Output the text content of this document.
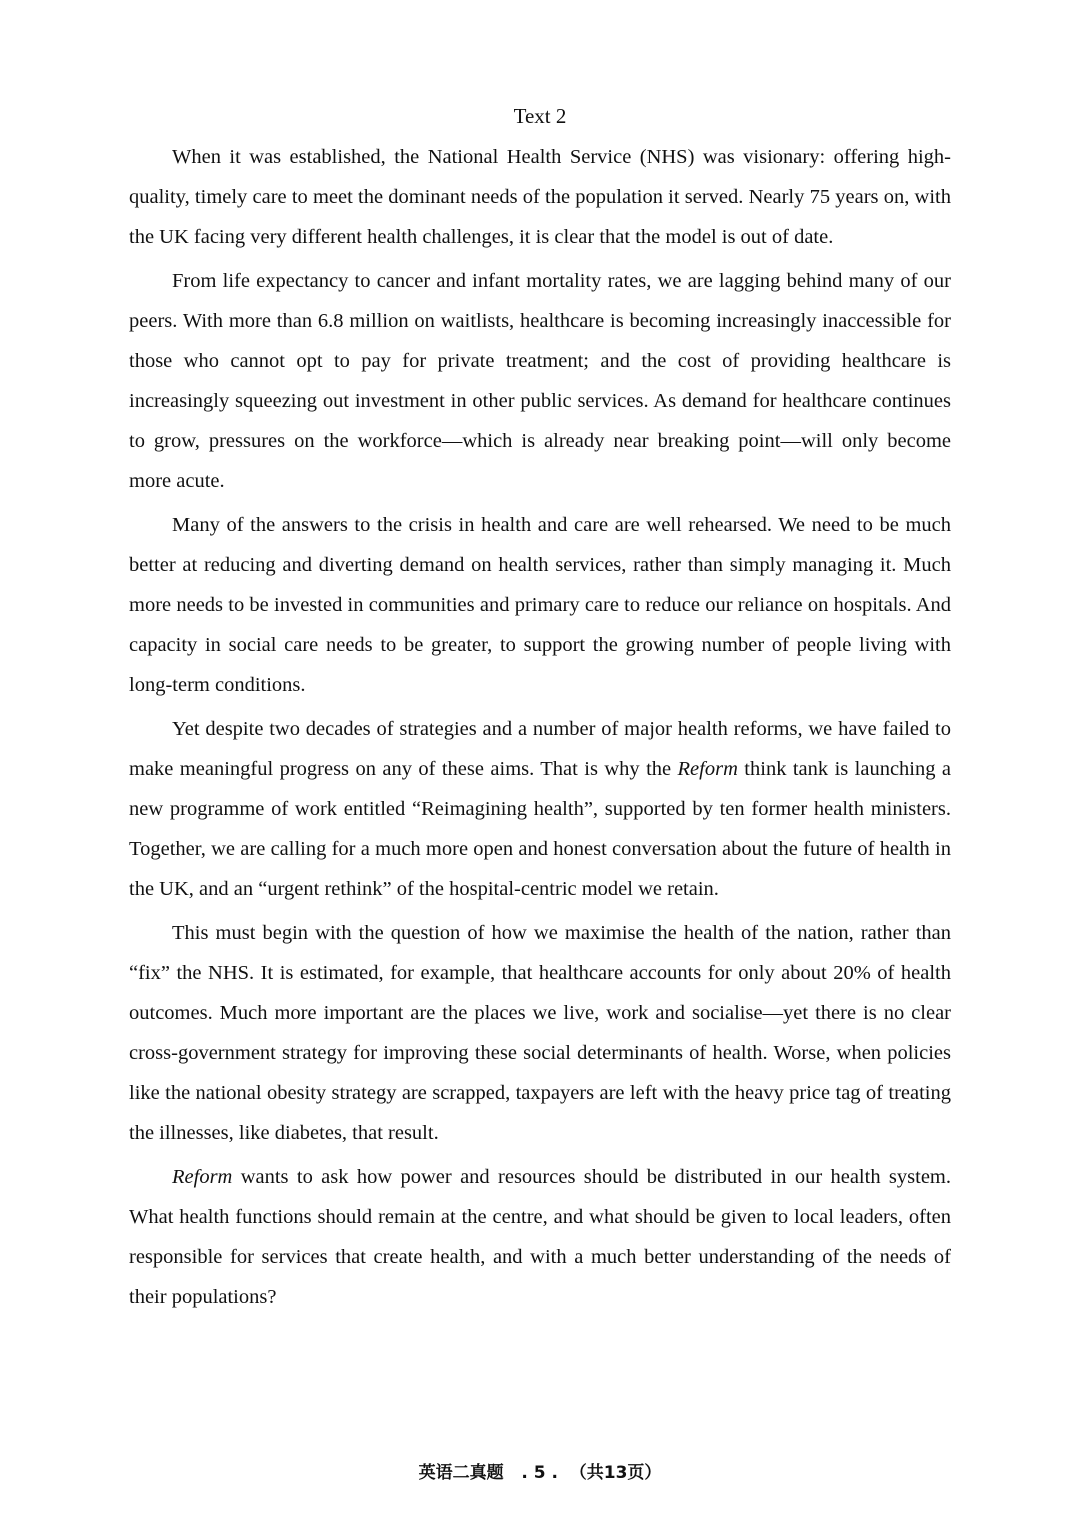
Text 2

When it was established, the National Health Service (NHS) was visionary: offering high-quality, timely care to meet the dominant needs of the population it served. Nearly 75 years on, with the UK facing very different health challenges, it is clear that the model is out of date.

From life expectancy to cancer and infant mortality rates, we are lagging behind many of our peers. With more than 6.8 million on waitlists, healthcare is becoming increasingly inaccessible for those who cannot opt to pay for private treatment; and the cost of providing healthcare is increasingly squeezing out investment in other public services. As demand for healthcare continues to grow, pressures on the workforce—which is already near breaking point—will only become more acute.

Many of the answers to the crisis in health and care are well rehearsed. We need to be much better at reducing and diverting demand on health services, rather than simply managing it. Much more needs to be invested in communities and primary care to reduce our reliance on hospitals. And capacity in social care needs to be greater, to support the growing number of people living with long-term conditions.

Yet despite two decades of strategies and a number of major health reforms, we have failed to make meaningful progress on any of these aims. That is why the Reform think tank is launching a new programme of work entitled “Reimagining health”, supported by ten former health ministers. Together, we are calling for a much more open and honest conversation about the future of health in the UK, and an “urgent rethink” of the hospital-centric model we retain.

This must begin with the question of how we maximise the health of the nation, rather than “fix” the NHS. It is estimated, for example, that healthcare accounts for only about 20% of health outcomes. Much more important are the places we live, work and socialise—yet there is no clear cross-government strategy for improving these social determinants of health. Worse, when policies like the national obesity strategy are scrapped, taxpayers are left with the heavy price tag of treating the illnesses, like diabetes, that result.

Reform wants to ask how power and resources should be distributed in our health system. What health functions should remain at the centre, and what should be given to local leaders, often responsible for services that create health, and with a much better understanding of the needs of their populations?

英语二真题   . 5 .  （共13页）
